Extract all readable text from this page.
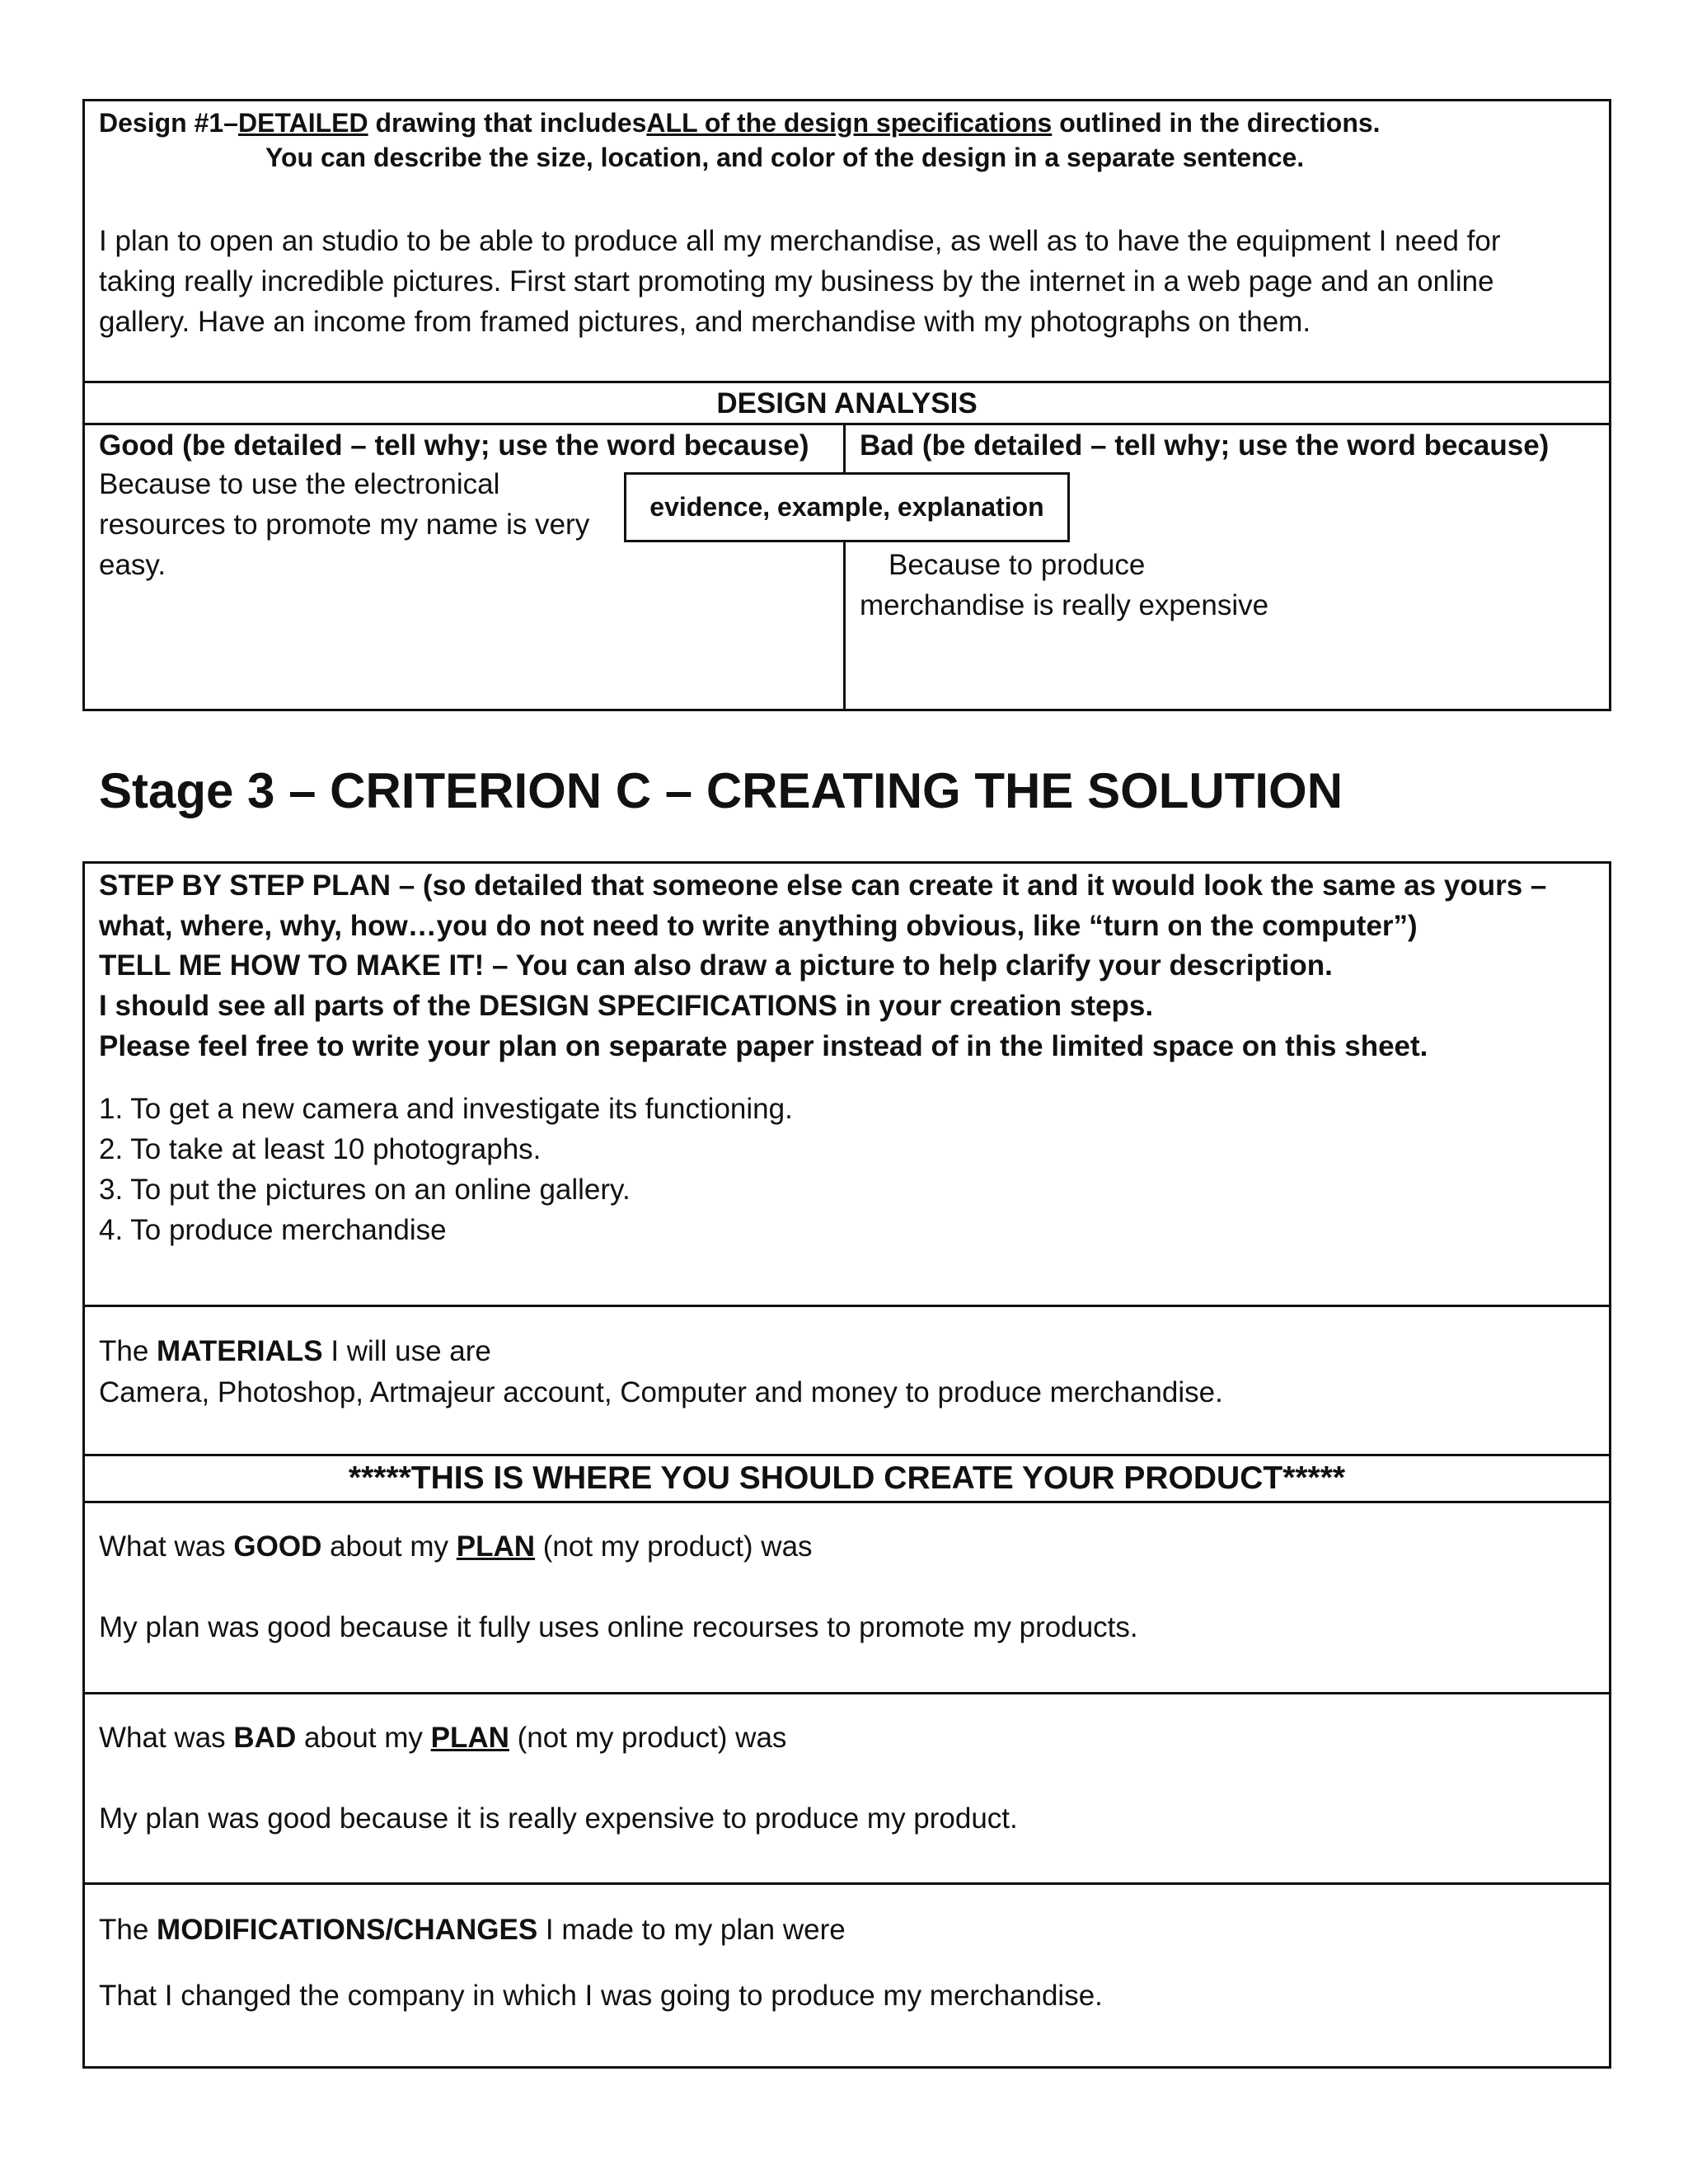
Design #1–DETAILED drawing that includesALL of the design specifications outlined in the directions.
You can describe the size, location, and color of the design in a separate sentence.
I plan to open an studio to be able to produce all my merchandise, as well as to have the equipment I need for
taking really incredible pictures. First start promoting my business by the internet in a web page and an online
gallery. Have an income from framed pictures, and merchandise with my photographs on them.
DESIGN ANALYSIS
Good (be detailed – tell why; use the word because) Bad (be detailed – tell why; use the word because)
Because to use the electronical
resources to promote my name is very
easy.	Because to produce
merchandise is really expensive
evidence, example, explanation
Stage 3 – CRITERION C – CREATING THE SOLUTION
STEP BY STEP PLAN – (so detailed that someone else can create it and it would look the same as yours –
what, where, why, how…you do not need to write anything obvious, like “turn on the computer”)
TELL ME HOW TO MAKE IT! – You can also draw a picture to help clarify your description.
I should see all parts of the DESIGN SPECIFICATIONS in your creation steps.
Please feel free to write your plan on separate paper instead of in the limited space on this sheet.
1. To get a new camera and investigate its functioning.
2. To take at least 10 photographs.
3. To put the pictures on an online gallery.
4. To produce merchandise
The MATERIALS I will use are
Camera, Photoshop, Artmajeur account, Computer and money to produce merchandise.
*****THIS IS WHERE YOU SHOULD CREATE YOUR PRODUCT*****
What was GOOD about my PLAN (not my product) was
My plan was good because it fully uses online recourses to promote my products.
What was BAD about my PLAN (not my product) was
My plan was good because it is really expensive to produce my product.
The MODIFICATIONS/CHANGES I made to my plan were
That I changed the company in which I was going to produce my merchandise.
